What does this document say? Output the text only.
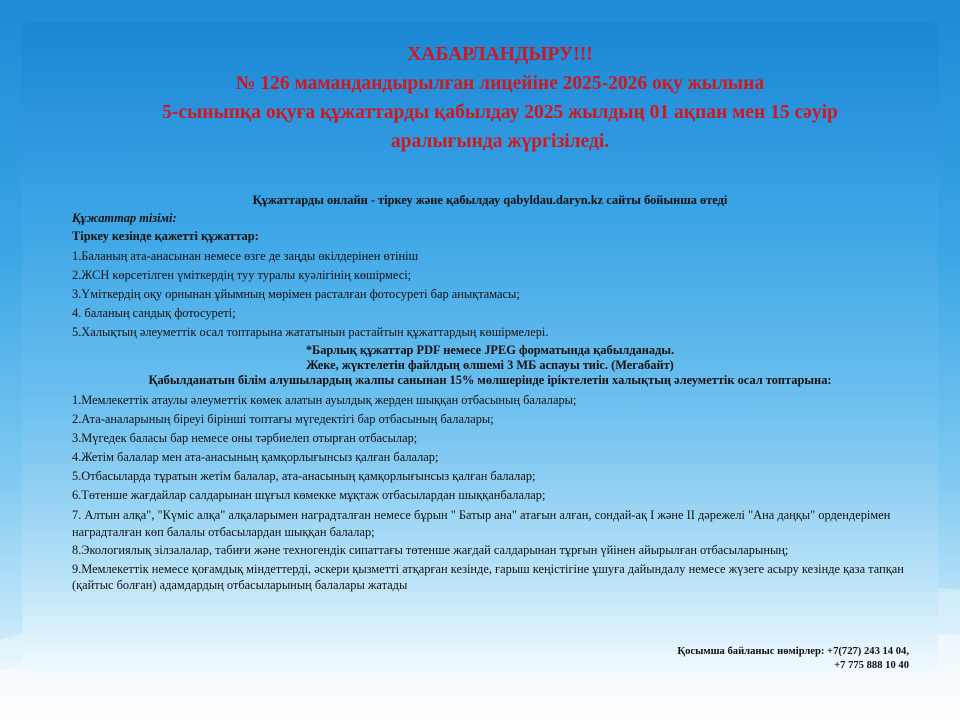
ХАБАРЛАНДЫРУ!!!
№ 126 мамандандырылған лицейіне 2025-2026 оқу жылына
5-сыныпқа оқуға құжаттарды қабылдау 2025 жылдың 01 ақпан мен 15 сәуір
аралығында жүргізіледі.

Құжаттарды онлайн - тіркеу және қабылдау qabyldau.daryn.kz сайты бойынша өтеді

Құжаттар тізімі:

Тіркеу кезінде қажетті құжаттар:

1.Баланың ата-анасынан немесе өзге де заңды өкілдерінен өтініш

2.ЖСН көрсетілген үміткердің туу туралы куәлігінің көшірмесі;

3.Үміткердің оқу орнынан ұйымның мөрімен расталған фотосуреті бар анықтамасы;

4. баланың сандық фотосуреті;

5.Халықтың әлеуметтік осал топтарына жататынын растайтын құжаттардың көшірмелері.

*Барлық құжаттар PDF немесе JPEG форматында қабылданады.

Жеке, жүктелетін файлдың өлшемі 3 МБ аспауы тиіс. (Мегабайт)

Қабылданатын білім алушылардың жалпы санынан 15% мөлшерінде іріктелетін халықтың әлеуметтік осал топтарына:

1.Мемлекеттік атаулы әлеуметтік көмек алатын ауылдық жерден шыққан отбасының балалары;

2.Ата-аналарының біреуі бірінші топтағы мүгедектігі бар отбасының балалары;

3.Мүгедек баласы бар немесе оны тәрбиелеп отырған отбасылар;

4.Жетім балалар мен ата-анасының қамқорлығынсыз қалған балалар;

5.Отбасыларда тұратын жетім балалар, ата-анасының қамқорлығынсыз қалған балалар;

6.Төтенше жағдайлар салдарынан шұғыл көмекке мұқтаж отбасылардан шыққанбалалар;

7. Алтын алқа", "Күміс алқа" алқаларымен наградталған немесе бұрын " Батыр ана" атағын алған, сондай-ақ І және ІІ дәрежелі "Ана даңқы" ордендерімен наградталған көп балалы отбасылардан шыққан балалар;

8.Экологиялық зілзалалар, табиғи және техногендік сипаттағы төтенше жағдай салдарынан тұрғын үйінен айырылған отбасыларының;

9.Мемлекеттік немесе қоғамдық міндеттерді, әскери қызметті атқарған кезінде, ғарыш кеңістігіне ұшуға дайындалу немесе жүзеге асыру кезінде қаза тапқан (қайтыс болған) адамдардың отбасыларының балалары жатады

Қосымша байланыс нөмірлер: +7(727) 243 14 04,
+7 775 888 10 40
